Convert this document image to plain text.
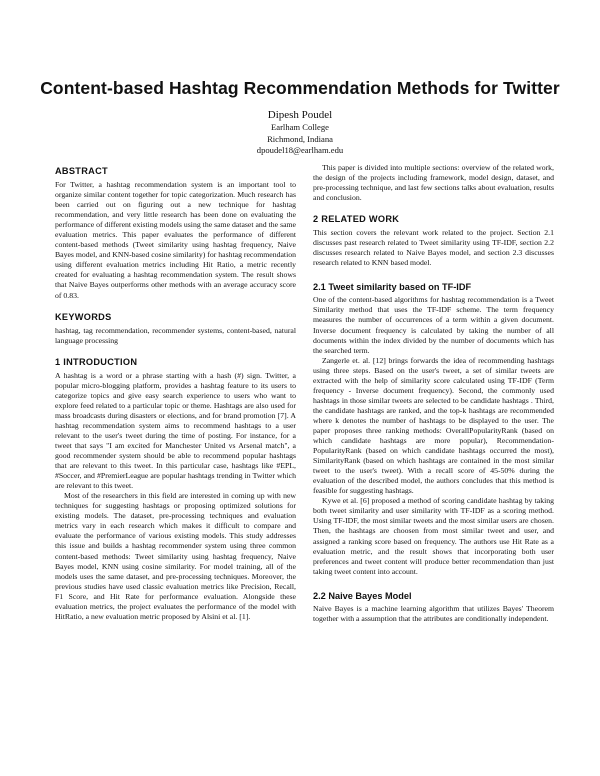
Content-based Hashtag Recommendation Methods for Twitter
Dipesh Poudel
Earlham College
Richmond, Indiana
dpoudel18@earlham.edu
ABSTRACT

For Twitter, a hashtag recommendation system is an important tool to organize similar content together for topic categorization. Much research has been carried out on figuring out a new technique for hashtag recommendation, and very little research has been done on evaluating the performance of different existing models using the same dataset and the same evaluation metrics. This paper evaluates the performance of different content-based methods (Tweet similarity using hashtag frequency, Naive Bayes model, and KNN-based cosine similarity) for hashtag recommendation using different evaluation metrics including Hit Ratio, a metric recently created for evaluating a hashtag recommendation system. The result shows that Naive Bayes outperforms other methods with an average accuracy score of 0.83.

KEYWORDS

hashtag, tag recommendation, recommender systems, content-based, natural language processing

1 INTRODUCTION

A hashtag is a word or a phrase starting with a hash (#) sign. Twitter, a popular micro-blogging platform, provides a hashtag feature to its users to categorize topics and give easy search experience to users who want to explore feed related to a particular topic or theme. Hashtags are also used for mass broadcasts during disasters or elections, and for brand promotion [7]. A hashtag recommendation system aims to recommend hashtags to a user relevant to the user's tweet during the time of posting. For instance, for a tweet that says "I am excited for Manchester United vs Arsenal match", a good recommender system should be able to recommend popular hashtags that are relevant to this tweet. In this particular case, hashtags like #EPL, #Soccer, and #PremierLeague are popular hashtags trending in Twitter which are relevant to this tweet.

Most of the researchers in this field are interested in coming up with new techniques for suggesting hashtags or proposing optimized solutions for existing models. The dataset, pre-processing techniques and evaluation metrics vary in each research which makes it difficult to compare and evaluate the performance of various existing models. This study addresses this issue and builds a hashtag recommender system using three common content-based methods: Tweet similarity using hashtag frequency, Naive Bayes model, KNN using cosine similarity. For model training, all of the models uses the same dataset, and pre-processing techniques. Moreover, the previous studies have used classic evaluation metrics like Precision, Recall, F1 Score, and Hit Rate for performance evaluation. Alongside these evaluation metrics, the project evaluates the performance of the model with HitRatio, a new evaluation metric proposed by Alsini et al. [1].

This paper is divided into multiple sections: overview of the related work, the design of the projects including framework, model design, dataset, and pre-processing technique, and last few sections talks about evaluation, results and conclusion.

2 RELATED WORK

This section covers the relevant work related to the project. Section 2.1 discusses past research related to Tweet similarity using TF-IDF, section 2.2 discusses research related to Naive Bayes model, and section 2.3 discusses research related to KNN based model.

2.1 Tweet similarity based on TF-IDF

One of the content-based algorithms for hashtag recommendation is a Tweet Similarity method that uses the TF-IDF scheme. The term frequency measures the number of occurrences of a term within a given document. Inverse document frequency is calculated by taking the number of all documents within the index divided by the number of documents which has the searched term.

Zangerle et. al. [12] brings forwards the idea of recommending hashtags using three steps. Based on the user's tweet, a set of similar tweets are extracted with the help of similarity score calculated using TF-IDF (Term frequency - Inverse document frequency). Second, the commonly used hashtags in those similar tweets are selected to be candidate hashtags . Third, the candidate hashtags are ranked, and the top-k hashtags are recommended where k denotes the number of hashtags to be displayed to the user. The paper proposes three ranking methods: OverallPopularityRank (based on which candidate hashtags are more popular), Recommendation-PopularityRank (based on which candidate hashtags occurred the most), SimilarityRank (based on which hashtags are contained in the most similar tweet to the user's tweet). With a recall score of 45-50% during the evaluation of the described model, the authors concludes that this method is feasible for suggesting hashtags.

Kywe et al. [6] proposed a method of scoring candidate hashtag by taking both tweet similarity and user similarity with TF-IDF as a scoring method. Using TF-IDF, the most similar tweets and the most similar users are chosen. Then, the hashtags are choosen from most similar tweet and user, and assigned a ranking score based on frequency. The authors use Hit Rate as a evaluation metric, and the result shows that incorporating both user preferences and tweet content will produce better recommendation than just taking tweet content into account.

2.2 Naive Bayes Model

Naive Bayes is a machine learning algorithm that utilizes Bayes' Theorem together with a assumption that the attributes are conditionally independent.
